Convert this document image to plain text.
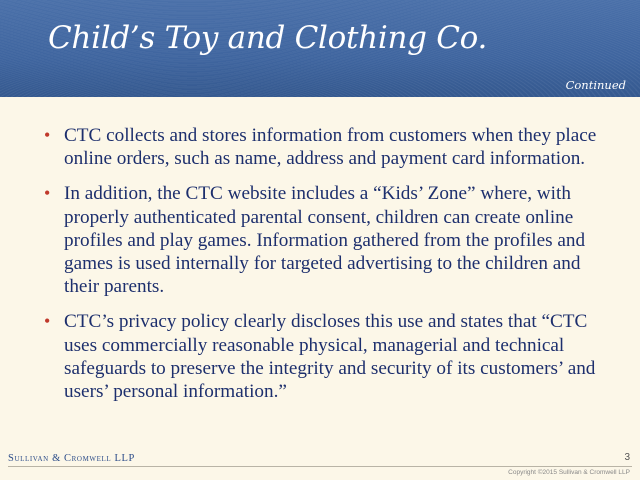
Child’s Toy and Clothing Co.
Continued
• CTC collects and stores information from customers when they place online orders, such as name, address and payment card information.
• In addition, the CTC website includes a “Kids’ Zone” where, with properly authenticated parental consent, children can create online profiles and play games. Information gathered from the profiles and games is used internally for targeted advertising to the children and their parents.
• CTC’s privacy policy clearly discloses this use and states that “CTC uses commercially reasonable physical, managerial and technical safeguards to preserve the integrity and security of its customers’ and users’ personal information.”
Sullivan & Cromwell LLP	3
Copyright ©2015 Sullivan & Cromwell LLP
